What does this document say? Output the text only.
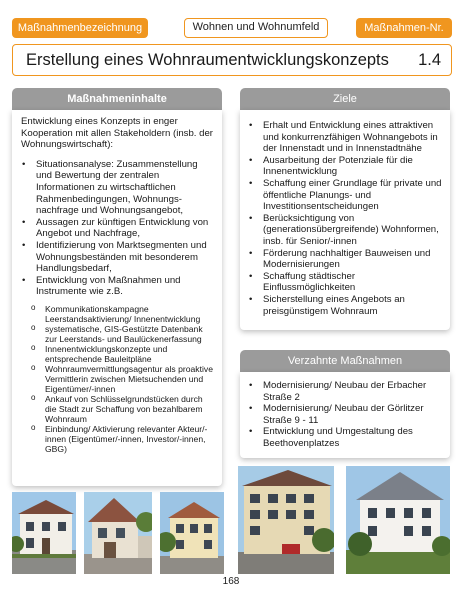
Maßnahmenbezeichnung	Wohnen und Wohnumfeld	Maßnahmen-Nr.
Erstellung eines Wohnraumentwicklungskonzepts 1.4
Maßnahmeninhalte

Entwicklung eines Konzepts in enger Kooperation mit allen Stakeholdern (insb. der Wohnungswirtschaft):

• Situationsanalyse: Zusammenstellung und Bewertung der zentralen Informationen zu wirtschaftlichen Rahmenbedingungen, Wohnungs-nachfrage und Wohnungsangebot,
• Aussagen zur künftigen Entwicklung von Angebot und Nachfrage,
• Identifizierung von Marktsegmenten und Wohnungsbeständen mit besonderem Handlungsbedarf,
• Entwicklung von Maßnahmen und Instrumente wie z.B.
o Kommunikationskampagne Leerstandsaktivierung/ Innenentwicklung
o systematische, GIS-Gestützte Datenbank zur Leerstands- und Baulückenerfassung
o Innenentwicklungskonzepte und entsprechende Bauleitpläne
o Wohnraumvermittlungsagentur als proaktive Vermittlerin zwischen Mietsuchenden und Eigentümer/-innen
o Ankauf von Schlüsselgrundstücken durch die Stadt zur Schaffung von bezahlbarem Wohnraum
o Einbindung/ Aktivierung relevanter Akteur/-innen (Eigentümer/-innen, Investor/-innen, GBG)
Ziele
• Erhalt und Entwicklung eines attraktiven und konkurrenzfähigen Wohnangebots in der Innenstadt und in Innenstadtnähe
• Ausarbeitung der Potenziale für die Innenentwicklung
• Schaffung einer Grundlage für private und öffentliche Planungs- und Investitionsentscheidungen
• Berücksichtigung von (generationsübergreifende) Wohnformen, insb. für Senior/-innen
• Förderung nachhaltiger Bauweisen und Modernisierungen
• Schaffung städtischer Einflussmöglichkeiten
• Sicherstellung eines Angebots an preisgünstigem Wohnraum
Verzahnte Maßnahmen
• Modernisierung/ Neubau der Erbacher Straße 2
• Modernisierung/ Neubau der Görlitzer Straße 9 - 11
• Entwicklung und Umgestaltung des Beethovenplatzes
168
